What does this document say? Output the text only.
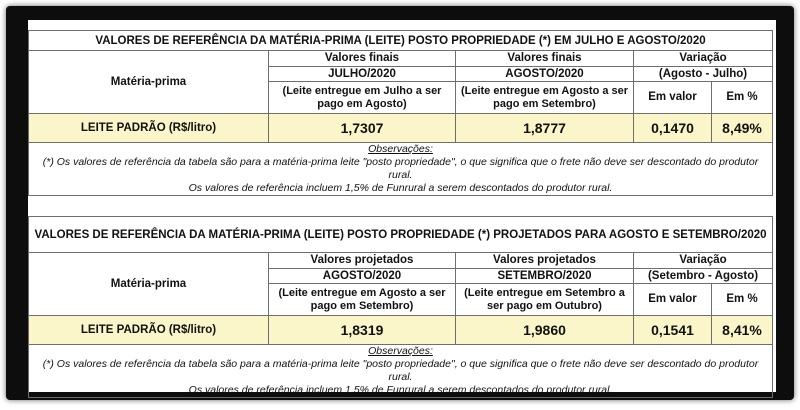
VALORES DE REFERÊNCIA DA MATÉRIA-PRIMA (LEITE) POSTO PROPRIEDADE (*) EM JULHO E AGOSTO/2020				
Matéria-prima	Valores finais	Valores finais	Variação	
	JULHO/2020	AGOSTO/2020	(Agosto - Julho)	
	(Leite entregue em Julho a ser pago em Agosto)	(Leite entregue em Agosto a ser pago em Setembro)	Em valor	Em %
LEITE PADRÃO (R$/litro)	1,7307	1,8777	0,1470	8,49%

Observações:
(*) Os valores de referência da tabela são para a matéria-prima leite "posto propriedade", o que significa que o frete não deve ser descontado do produtor rural.
Os valores de referência incluem 1,5% de Funrural a serem descontados do produtor rural.				
VALORES DE REFERÊNCIA DA MATÉRIA-PRIMA (LEITE) POSTO PROPRIEDADE (*) PROJETADOS PARA AGOSTO E SETEMBRO/2020				
Matéria-prima	Valores projetados	Valores projetados	Variação	
	AGOSTO/2020	SETEMBRO/2020	(Setembro - Agosto)	
	(Leite entregue em Agosto a ser pago em Setembro)	(Leite entregue em Setembro a ser pago em Outubro)	Em valor	Em %
LEITE PADRÃO (R$/litro)	1,8319	1,9860	0,1541	8,41%

Observações:
(*) Os valores de referência da tabela são para a matéria-prima leite "posto propriedade", o que significa que o frete não deve ser descontado do produtor rural.
Os valores de referência incluem 1,5% de Funrural a serem descontados do produtor rural.				
